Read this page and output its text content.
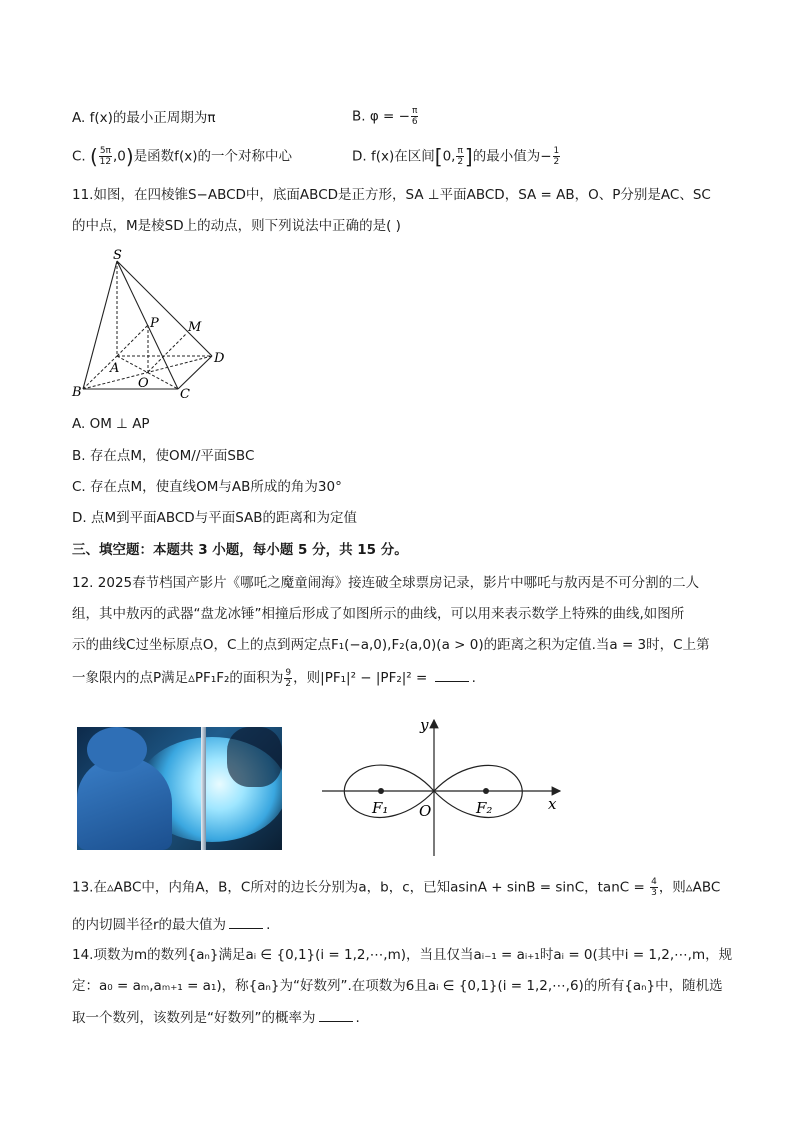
A. f(x)的最小正周期为π	B. φ = − $\frac{\pi}{6}$
C. ( $\frac{5\pi}{12} ,0$)是函数f(x)的一个对称中心	D. f(x)在区间[0, $\frac{\pi}{2}$ ]的最小值为− $\frac{1}{2}$
11.如图，在四棱锥S−ABCD中，底面ABCD是正方形，SA ⊥平面ABCD，SA = AB，O、P分别是AC、SC
的中点，M是棱SD上的动点，则下列说法中正确的是( )
S
P M
A
O
D
B	C
A. OM ⊥ AP
B. 存在点M，使OM//平面SBC
C. 存在点M，使直线OM与AB所成的角为30°
D. 点M到平面ABCD与平面SAB的距离和为定值
三、填空题：本题共 3 小题，每小题 5 分，共 15 分。
12. 2025春节档国产影片《哪吒之魔童闹海》接连破全球票房记录，影片中哪吒与敖丙是不可分割的二人
组，其中敖丙的武器“盘龙冰锤”相撞后形成了如图所示的曲线，可以用来表示数学上特殊的曲线,如图所
示的曲线C过坐标原点O，C上的点到两定点F₁(−a,0),F₂(a,0)(a > 0)的距离之积为定值.当a = 3时，C上第
一象限内的点P满足▵PF₁F₂的面积为 $\frac{9}{2}$ ，则|PF₁|² − |PF₂|² =	.
y
x
F₁ O	F₂
13.在▵ABC中，内角A，B，C所对的边长分别为a，b，c，已知asinA + sinB = sinC，$\tan C = \frac{4}{3}$ ，则▵ABC
的内切圆半径r的最大值为	.
14.项数为m的数列{aₙ}满足aᵢ ∈ {0,1}(i = 1,2,⋯,m)，当且仅当aᵢ₋₁ = aᵢ₊₁时aᵢ = 0(其中i = 1,2,⋯,m，规
定：a₀ = aₘ,aₘ₊₁ = a₁)，称{aₙ}为“好数列”.在项数为6且aᵢ ∈ {0,1}(i = 1,2,⋯,6)的所有{aₙ}中，随机选
取一个数列，该数列是“好数列”的概率为	.
